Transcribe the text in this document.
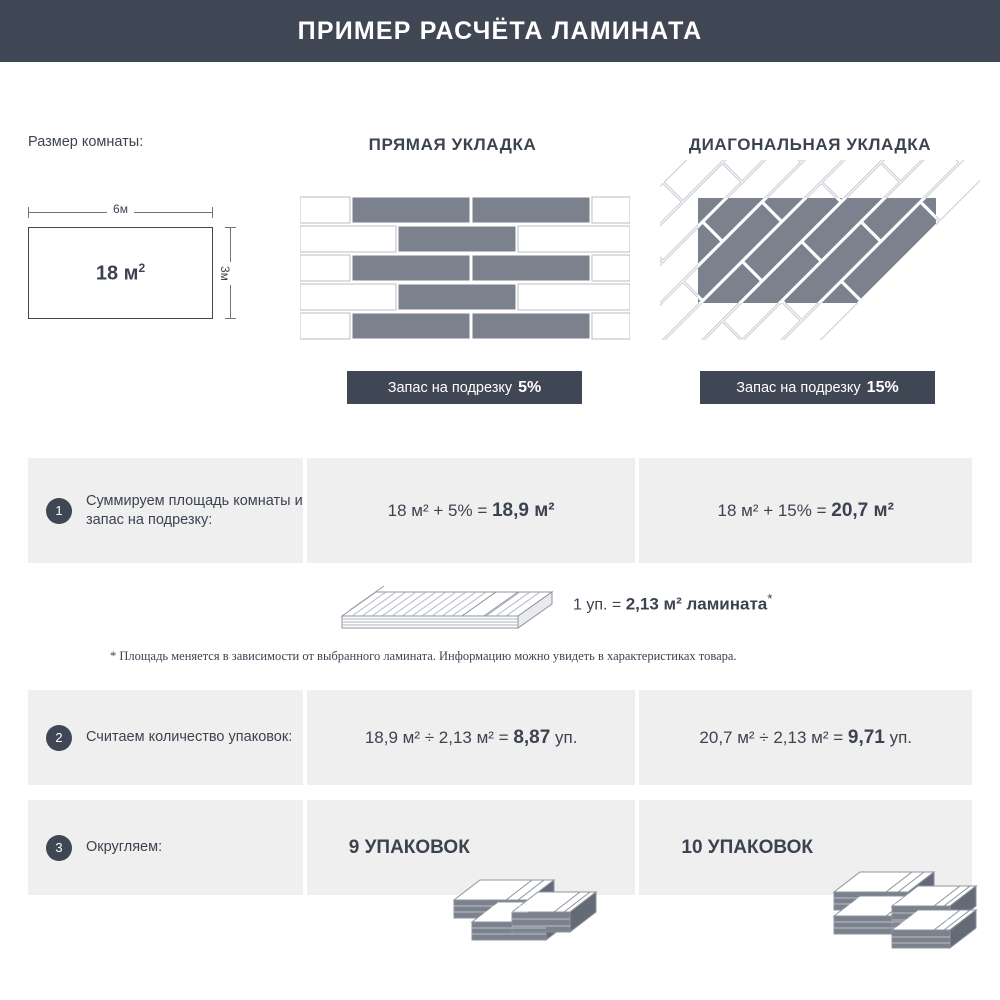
ПРИМЕР РАСЧЁТА ЛАМИНАТА
Размер комнаты:
6м
18 $м^2$	3м
ПРЯМАЯ УКЛАДКА	ДИАГОНАЛЬНАЯ УКЛАДКА
Запас на подрезку 5%	Запас на подрезку 15%
1
Суммируем площадь комнаты и запас на подрезку:	18 м² + 5% = 18,9 м²	18 м² + 15% = 20,7 м²
1 уп. = 2,13 м² ламината*
* Площадь меняется в зависимости от выбранного ламината. Информацию можно увидеть в характеристиках товара.
2	Считаем количество упаковок:	18,9 м² ÷ 2,13 м² = 8,87 уп.	20,7 м² ÷ 2,13 м² = 9,71 уп.
3	Округляем:	9 УПАКОВОК	10 УПАКОВОК
